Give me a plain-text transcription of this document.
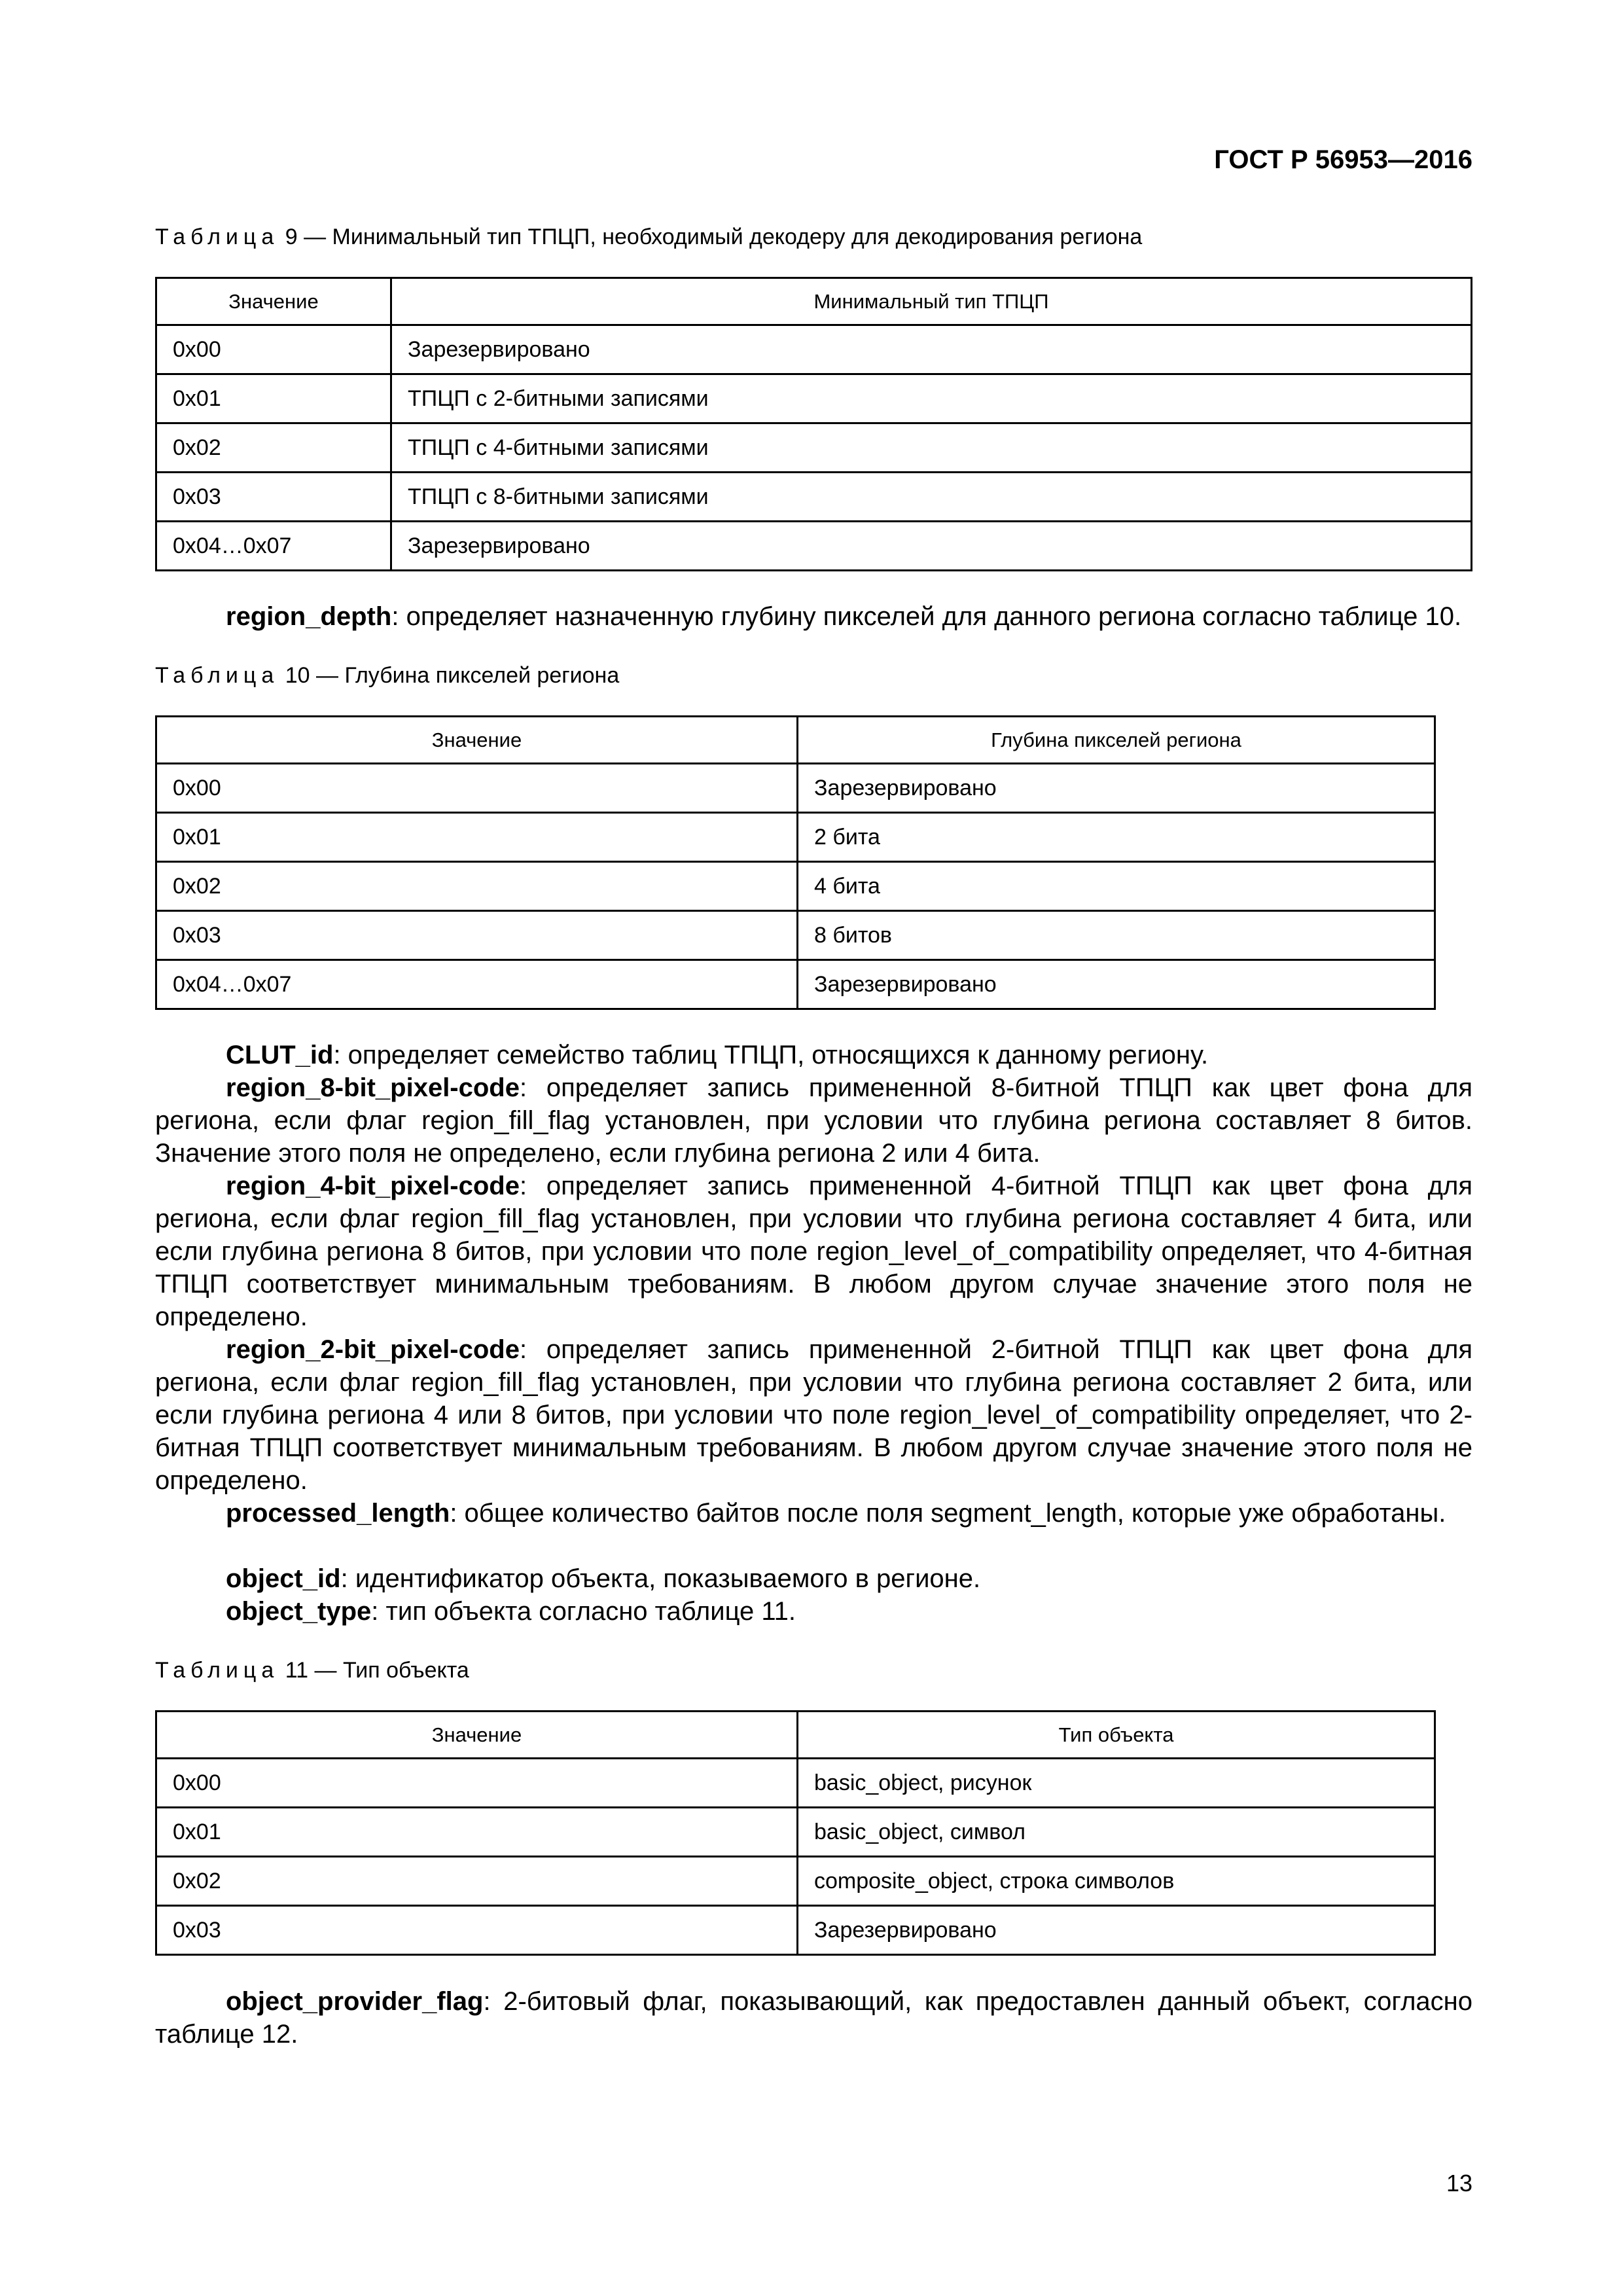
ГОСТ Р 56953—2016
Таблица 9 — Минимальный тип ТПЦП, необходимый декодеру для декодирования региона
Значение	Минимальный тип ТПЦП
0x00	Зарезервировано
0x01	ТПЦП с 2-битными записями
0x02	ТПЦП с 4-битными записями
0x03	ТПЦП с 8-битными записями
0x04…0x07	Зарезервировано
region_depth: определяет назначенную глубину пикселей для данного региона согласно таблице 10.
Таблица 10 — Глубина пикселей региона
Значение	Глубина пикселей региона
0x00	Зарезервировано
0x01	2 бита
0x02	4 бита
0x03	8 битов
0x04…0x07	Зарезервировано
CLUT_id: определяет семейство таблиц ТПЦП, относящихся к данному региону.
region_8-bit_pixel-code: определяет запись примененной 8-битной ТПЦП как цвет фона для региона, если флаг region_fill_flag установлен, при условии что глубина региона составляет 8 битов. Значение этого поля не определено, если глубина региона 2 или 4 бита.
region_4-bit_pixel-code: определяет запись примененной 4-битной ТПЦП как цвет фона для региона, если флаг region_fill_flag установлен, при условии что глубина региона составляет 4 бита, или если глубина региона 8 битов, при условии что поле region_level_of_compatibility определяет, что 4-битная ТПЦП соответствует минимальным требованиям. В любом другом случае значение этого поля не определено.
region_2-bit_pixel-code: определяет запись примененной 2-битной ТПЦП как цвет фона для региона, если флаг region_fill_flag установлен, при условии что глубина региона составляет 2 бита, или если глубина региона 4 или 8 битов, при условии что поле region_level_of_compatibility определяет, что 2-битная ТПЦП соответствует минимальным требованиям. В любом другом случае значение этого поля не определено.
processed_length: общее количество байтов после поля segment_length, которые уже обработаны.
object_id: идентификатор объекта, показываемого в регионе.
object_type: тип объекта согласно таблице 11.
Таблица 11 — Тип объекта
Значение	Тип объекта
0x00	basic_object, рисунок
0x01	basic_object, символ
0x02	composite_object, строка символов
0x03	Зарезервировано
object_provider_flag: 2-битовый флаг, показывающий, как предоставлен данный объект, согласно таблице 12.
13
